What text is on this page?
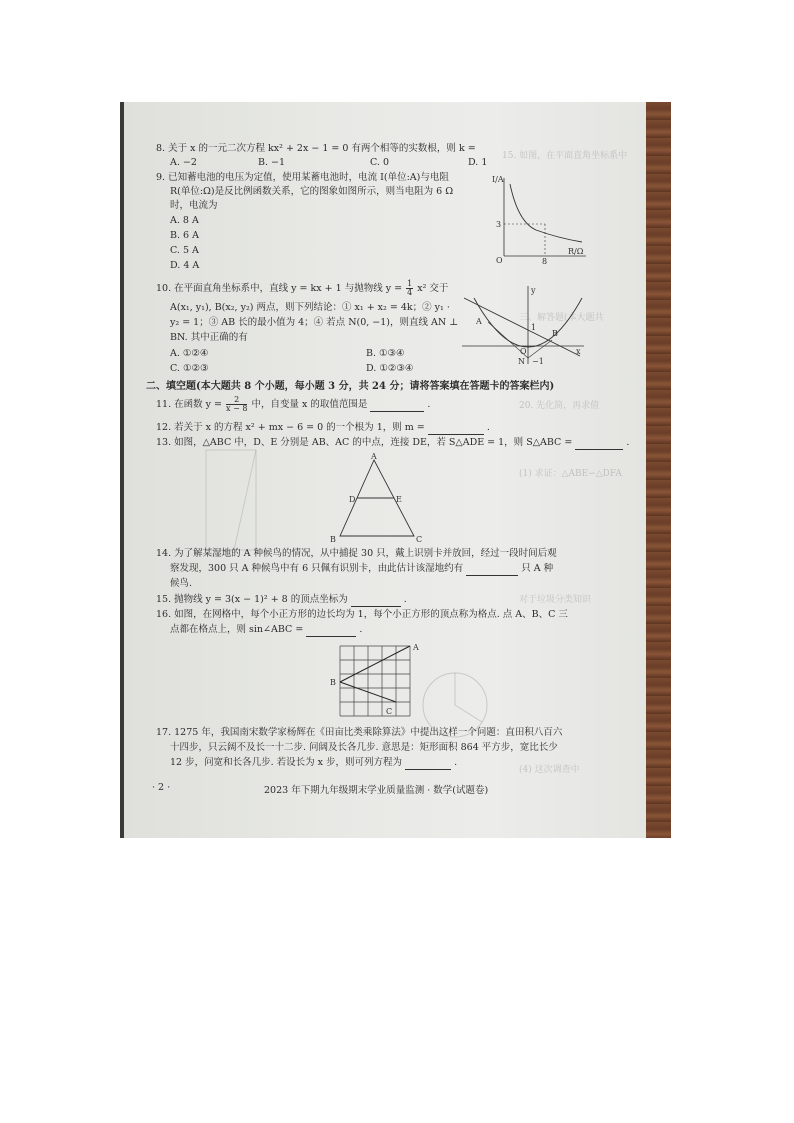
15. 如图，在平面直角坐标系中
三、解答题(本大题共
20. 先化简，再求值
(1) 求证：△ABE∽△DFA
对于垃圾分类知识
(4) 这次调查中
8. 关于 x 的一元二次方程 kx² + 2x − 1 = 0 有两个相等的实数根，则 k =
A. −2	B. −1	C. 0	D. 1
9. 已知蓄电池的电压为定值，使用某蓄电池时，电流 I(单位:A)与电阻
R(单位:Ω)是反比例函数关系，它的图象如图所示，则当电阻为 6 Ω
时，电流为
A. 8 A
B. 6 A
C. 5 A
D. 4 A
I/A
R/Ω
O
3
8
10. 在平面直角坐标系中，直线 y = kx + 1 与抛物线 $y = \frac{1}{4} x^2$ 交于
A(x₁, y₁), B(x₂, y₂) 两点，则下列结论：① x₁ + x₂ = 4k；② y₁ ·
y₂ = 1；③ AB 长的最小值为 4；④ 若点 N(0, −1)，则直线 AN ⊥
BN. 其中正确的有
A. ①②④	B. ①③④
C. ①②③	D. ①②③④
y
A
1
B
O	x
N −1
二、填空题(本大题共 8 个小题，每小题 3 分，共 24 分；请将答案填在答题卡的答案栏内)
11. 在函数 $y = \frac{2}{x - 8}$ 中，自变量 x 的取值范围是	.
12. 若关于 x 的方程 x² + mx − 6 = 0 的一个根为 1，则 m =	.
13. 如图，△ABC 中，D、E 分别是 AB、AC 的中点，连接 DE，若 S△ADE = 1，则 S△ABC =	.
A
D	E
B	C
14. 为了解某湿地的 A 种候鸟的情况，从中捕捉 30 只，戴上识别卡并放回，经过一段时间后观
察发现，300 只 A 种候鸟中有 6 只佩有识别卡，由此估计该湿地约有	只 A 种
候鸟.
15. 抛物线 y = 3(x − 1)² + 8 的顶点坐标为	.
16. 如图，在网格中，每个小正方形的边长均为 1，每个小正方形的顶点称为格点. 点 A、B、C 三
点都在格点上，则 sin∠ABC =	.
A
B
C
17. 1275 年，我国南宋数学家杨辉在《田亩比类乘除算法》中提出这样一个问题：直田积八百六
十四步，只云阔不及长一十二步. 问阔及长各几步. 意思是：矩形面积 864 平方步，宽比长少
12 步，问宽和长各几步. 若设长为 x 步，则可列方程为	.
· 2 ·	2023 年下期九年级期末学业质量监测 · 数学(试题卷)
